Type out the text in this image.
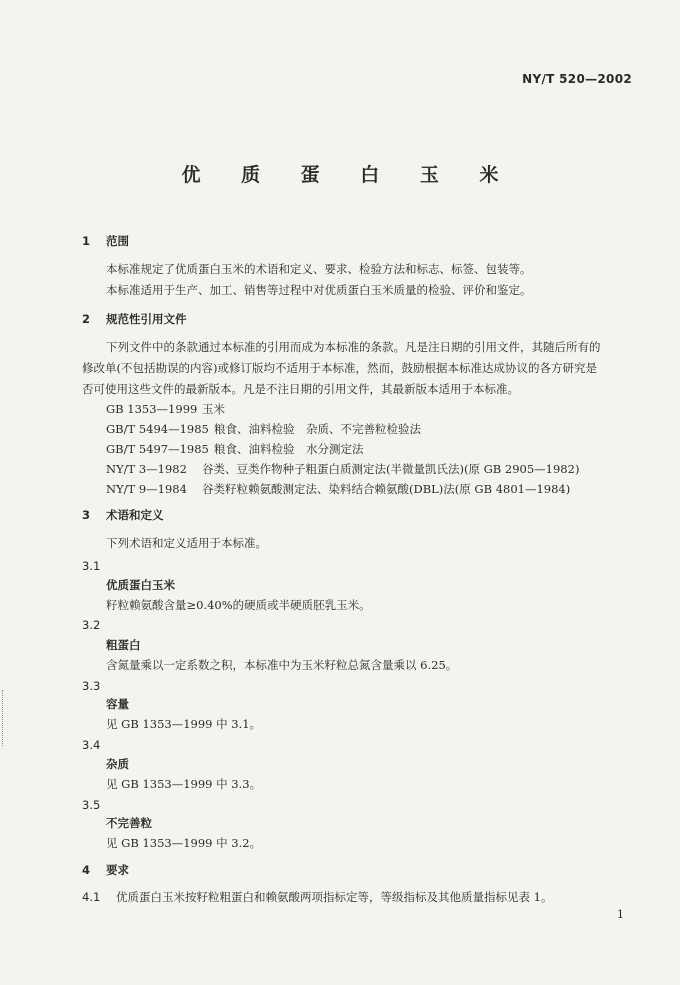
NY/T 520—2002
优 质 蛋 白 玉 米
1 范围
本标准规定了优质蛋白玉米的术语和定义、要求、检验方法和标志、标签、包装等。
本标准适用于生产、加工、销售等过程中对优质蛋白玉米质量的检验、评价和鉴定。
2 规范性引用文件
下列文件中的条款通过本标准的引用而成为本标准的条款。凡是注日期的引用文件，其随后所有的
修改单(不包括勘误的内容)或修订版均不适用于本标准，然而，鼓励根据本标准达成协议的各方研究是
否可使用这些文件的最新版本。凡是不注日期的引用文件，其最新版本适用于本标准。
GB 1353—1999 玉米
GB/T 5494—1985 粮食、油料检验　杂质、不完善粒检验法
GB/T 5497—1985 粮食、油料检验　水分测定法
NY/T 3—1982 谷类、豆类作物种子粗蛋白质测定法(半微量凯氏法)(原 GB 2905—1982)
NY/T 9—1984 谷类籽粒赖氨酸测定法、染料结合赖氨酸(DBL)法(原 GB 4801—1984)
3 术语和定义
下列术语和定义适用于本标准。
3.1
优质蛋白玉米
籽粒赖氨酸含量≥0.40%的硬质或半硬质胚乳玉米。
3.2
粗蛋白
含氮量乘以一定系数之积，本标准中为玉米籽粒总氮含量乘以 6.25。
3.3
容量
见 GB 1353—1999 中 3.1。
3.4
杂质
见 GB 1353—1999 中 3.3。
3.5
不完善粒
见 GB 1353—1999 中 3.2。
4 要求
4.1 优质蛋白玉米按籽粒粗蛋白和赖氨酸两项指标定等，等级指标及其他质量指标见表 1。
1
